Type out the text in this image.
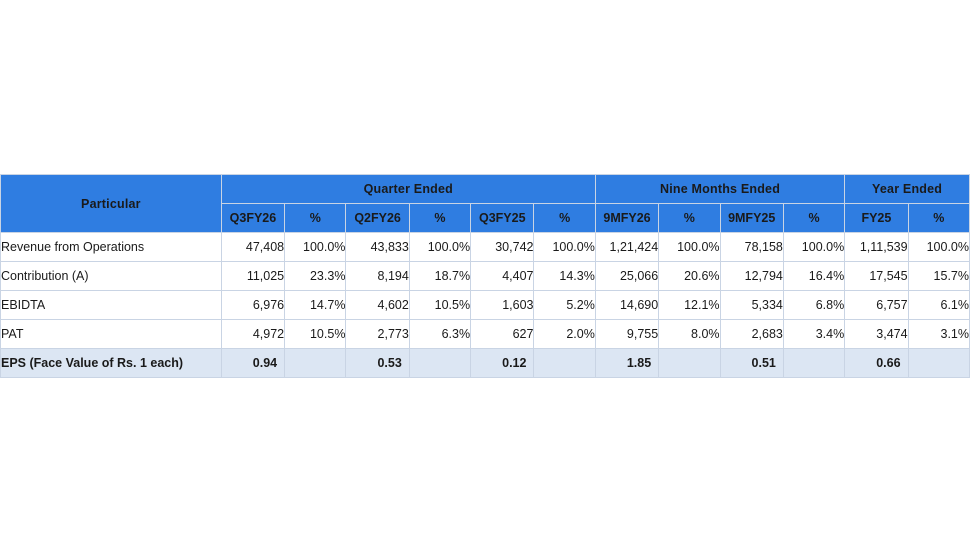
Particular	Quarter Ended						Nine Months Ended				Year Ended	
	Q3FY26	%	Q2FY26	%	Q3FY25	%	9MFY26	%	9MFY25	%	FY25	%
Revenue from Operations	47,408	100.0%	43,833	100.0%	30,742	100.0%	1,21,424	100.0%	78,158	100.0%	1,11,539	100.0%
Contribution (A)	11,025	23.3%	8,194	18.7%	4,407	14.3%	25,066	20.6%	12,794	16.4%	17,545	15.7%
EBIDTA	6,976	14.7%	4,602	10.5%	1,603	5.2%	14,690	12.1%	5,334	6.8%	6,757	6.1%
PAT	4,972	10.5%	2,773	6.3%	627	2.0%	9,755	8.0%	2,683	3.4%	3,474	3.1%
EPS (Face Value of Rs. 1 each)	0.94		0.53		0.12		1.85		0.51		0.66	
